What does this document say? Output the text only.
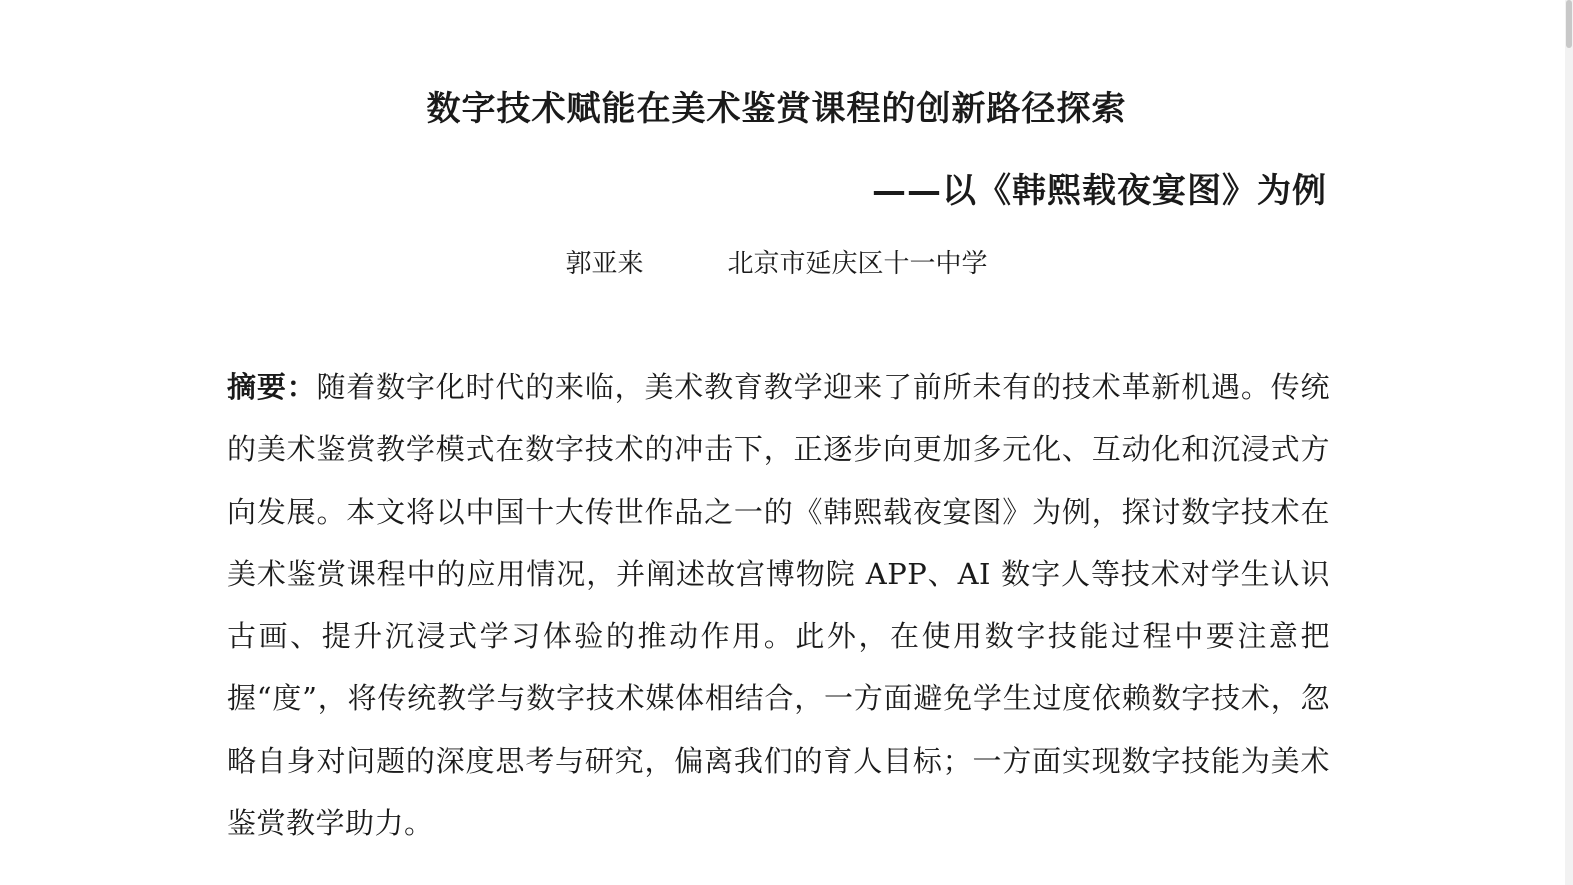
数字技术赋能在美术鉴赏课程的创新路径探索
——以《韩熙载夜宴图》为例
郭亚来	北京市延庆区十一中学
摘要：随着数字化时代的来临，美术教育教学迎来了前所未有的技术革新机遇。传统的美术鉴赏教学模式在数字技术的冲击下，正逐步向更加多元化、互动化和沉浸式方向发展。本文将以中国十大传世作品之一的《韩熙载夜宴图》为例，探讨数字技术在美术鉴赏课程中的应用情况，并阐述故宫博物院 APP、AI 数字人等技术对学生认识古画、提升沉浸式学习体验的推动作用。此外，在使用数字技能过程中要注意把握“度”，将传统教学与数字技术媒体相结合，一方面避免学生过度依赖数字技术，忽略自身对问题的深度思考与研究，偏离我们的育人目标；一方面实现数字技能为美术鉴赏教学助力。
